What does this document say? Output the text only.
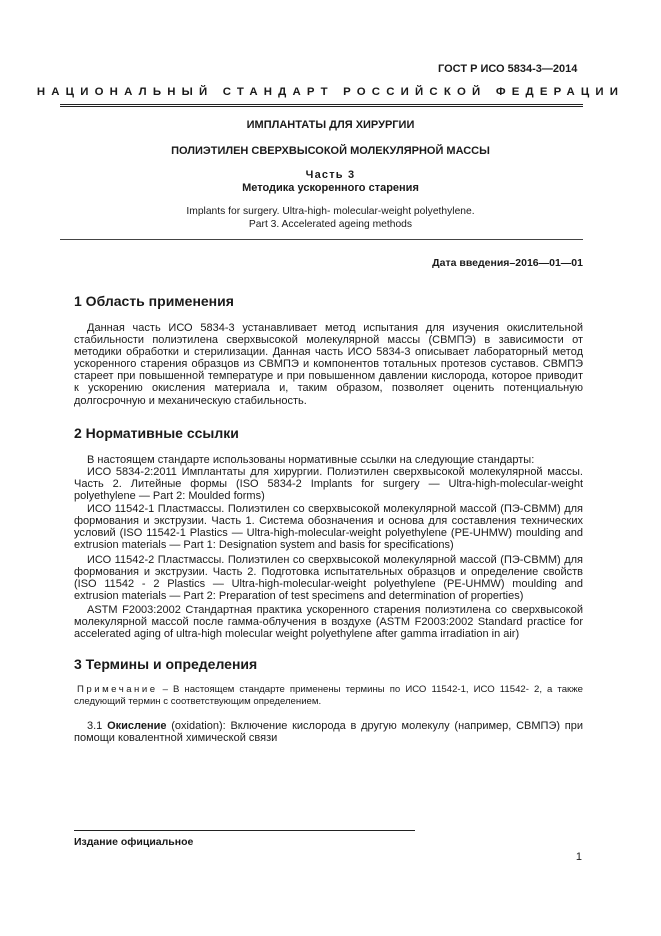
ГОСТ Р ИСО 5834-3—2014
НАЦИОНАЛЬНЫЙ СТАНДАРТ РОССИЙСКОЙ ФЕДЕРАЦИИ
ИМПЛАНТАТЫ ДЛЯ ХИРУРГИИ
ПОЛИЭТИЛЕН СВЕРХВЫСОКОЙ МОЛЕКУЛЯРНОЙ МАССЫ
Часть 3
Методика ускоренного старения
Implants for surgery. Ultra-high- molecular-weight polyethylene.
Part 3. Accelerated ageing methods
Дата введения–2016—01—01
1 Область применения
Данная часть ИСО 5834-3 устанавливает метод испытания для изучения окислительной стабильности полиэтилена сверхвысокой молекулярной массы (СВМПЭ) в зависимости от методики обработки и стерилизации. Данная часть ИСО 5834-3 описывает лабораторный метод ускоренного старения образцов из СВМПЭ и компонентов тотальных протезов суставов. СВМПЭ стареет при повышенной температуре и при повышенном давлении кислорода, которое приводит к ускорению окисления материала и, таким образом, позволяет оценить потенциальную долгосрочную и механическую стабильность.
2 Нормативные ссылки
В настоящем стандарте использованы нормативные ссылки на следующие стандарты:
ИСО 5834-2:2011 Имплантаты для хирургии. Полиэтилен сверхвысокой молекулярной массы. Часть 2. Литейные формы (ISO 5834-2 Implants for surgery — Ultra-high-molecular-weight polyethylene — Part 2: Moulded forms)
ИСО 11542-1 Пластмассы. Полиэтилен со сверхвысокой молекулярной массой (ПЭ-СВММ) для формования и экструзии. Часть 1. Система обозначения и основа для составления технических условий (ISO 11542-1 Plastics — Ultra-high-molecular-weight polyethylene (PE-UHMW) moulding and extrusion materials — Part 1: Designation system and basis for specifications)
ИСО 11542-2 Пластмассы. Полиэтилен со сверхвысокой молекулярной массой (ПЭ-СВММ) для формования и экструзии. Часть 2. Подготовка испытательных образцов и определение свойств (ISO 11542 - 2 Plastics — Ultra-high-molecular-weight polyethylene (PE-UHMW) moulding and extrusion materials — Part 2: Preparation of test specimens and determination of properties)
ASTM F2003:2002 Стандартная практика ускоренного старения полиэтилена со сверхвысокой молекулярной массой после гамма-облучения в воздухе (ASTM F2003:2002 Standard practice for accelerated aging of ultra-high molecular weight polyethylene after gamma irradiation in air)
3 Термины и определения
Примечание – В настоящем стандарте применены термины по ИСО 11542-1, ИСО 11542- 2, а также следующий термин с соответствующим определением.
3.1 Окисление (oxidation): Включение кислорода в другую молекулу (например, СВМПЭ) при помощи ковалентной химической связи
Издание официальное
1
